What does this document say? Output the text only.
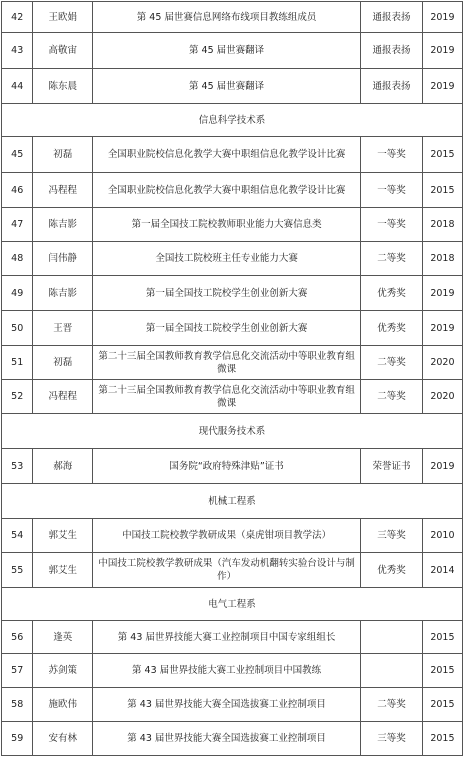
42	王欧娟	第 45 届世赛信息网络布线项目教练组成员	通报表扬	2019
43	高敬宙	第 45 届世赛翻译	通报表扬	2019
44	陈东晨	第 45 届世赛翻译	通报表扬	2019
信息科学技术系				
45	初磊	全国职业院校信息化教学大赛中职组信息化教学设计比赛	一等奖	2015
46	冯程程	全国职业院校信息化教学大赛中职组信息化教学设计比赛	一等奖	2015
47	陈吉影	第一届全国技工院校教师职业能力大赛信息类	一等奖	2018
48	闫伟静	全国技工院校班主任专业能力大赛	二等奖	2018
49	陈吉影	第一届全国技工院校学生创业创新大赛	优秀奖	2019
50	王晋	第一届全国技工院校学生创业创新大赛	优秀奖	2019
51	初磊	第二十三届全国教师教育教学信息化交流活动中等职业教育组微课	二等奖	2020
52	冯程程	第二十三届全国教师教育教学信息化交流活动中等职业教育组微课	二等奖	2020
现代服务技术系				
53	郝海	国务院“政府特殊津贴”证书	荣誉证书	2019
机械工程系				
54	郭艾生	中国技工院校教学教研成果（桌虎钳项目教学法）	三等奖	2010
55	郭艾生	中国技工院校教学教研成果（汽车发动机翻转实验台设计与制作）	优秀奖	2014
电气工程系				
56	逢英	第 43 届世界技能大赛工业控制项目中国专家组组长		2015
57	苏剑策	第 43 届世界技能大赛工业控制项目中国教练		2015
58	施欧伟	第 43 届世界技能大赛全国选拔赛工业控制项目	二等奖	2015
59	安有林	第 43 届世界技能大赛全国选拔赛工业控制项目	三等奖	2015
